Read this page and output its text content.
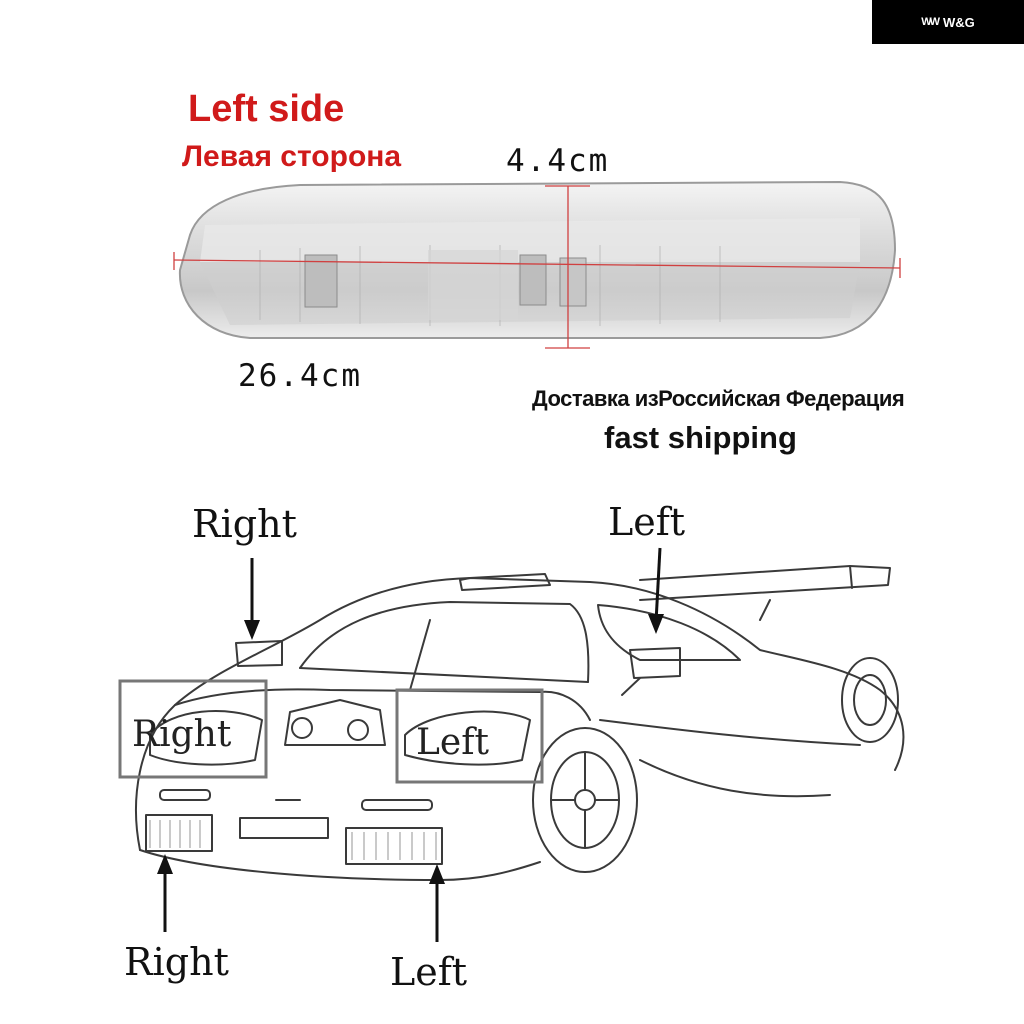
WW W&G
Left side
Левая сторона	4.4cm
26.4cm
Доставка изРоссийская Федерация
fast shipping
Right	Left
Right	Left
Right	Left
